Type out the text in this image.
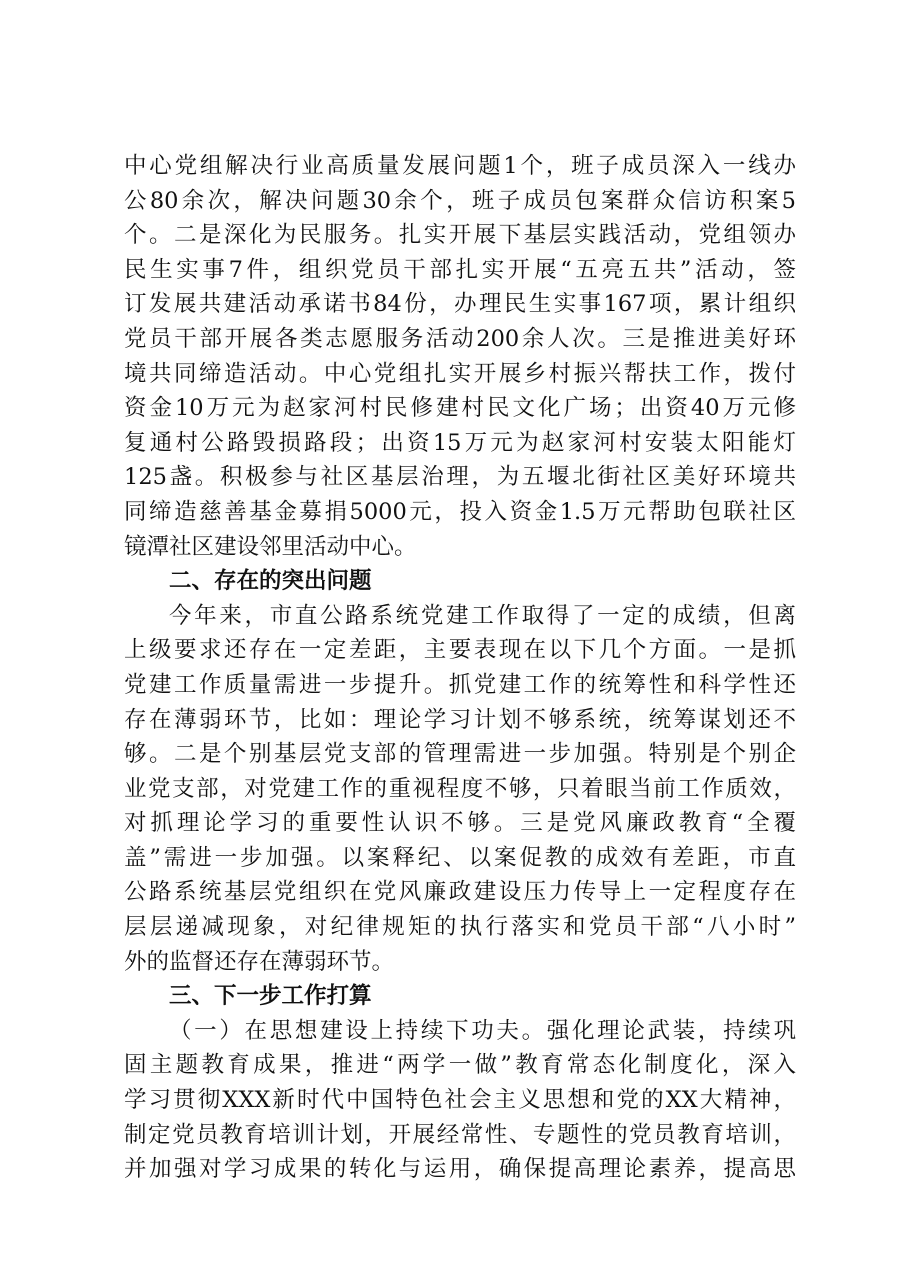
中心党组解决行业高质量发展问题1个，班子成员深入一线办
公80余次，解决问题30余个，班子成员包案群众信访积案5
个。二是深化为民服务。扎实开展下基层实践活动，党组领办
民生实事7件，组织党员干部扎实开展“五亮五共”活动，签
订发展共建活动承诺书84份，办理民生实事167项，累计组织
党员干部开展各类志愿服务活动200余人次。三是推进美好环
境共同缔造活动。中心党组扎实开展乡村振兴帮扶工作，拨付
资金10万元为赵家河村民修建村民文化广场；出资40万元修
复通村公路毁损路段；出资15万元为赵家河村安装太阳能灯
125盏。积极参与社区基层治理，为五堰北街社区美好环境共
同缔造慈善基金募捐5000元，投入资金1.5万元帮助包联社区
镜潭社区建设邻里活动中心。
二、存在的突出问题
今年来，市直公路系统党建工作取得了一定的成绩，但离
上级要求还存在一定差距，主要表现在以下几个方面。一是抓
党建工作质量需进一步提升。抓党建工作的统筹性和科学性还
存在薄弱环节，比如：理论学习计划不够系统，统筹谋划还不
够。二是个别基层党支部的管理需进一步加强。特别是个别企
业党支部，对党建工作的重视程度不够，只着眼当前工作质效，
对抓理论学习的重要性认识不够。三是党风廉政教育“全覆
盖”需进一步加强。以案释纪、以案促教的成效有差距，市直
公路系统基层党组织在党风廉政建设压力传导上一定程度存在
层层递减现象，对纪律规矩的执行落实和党员干部“八小时”
外的监督还存在薄弱环节。
三、下一步工作打算
（一）在思想建设上持续下功夫。强化理论武装，持续巩
固主题教育成果，推进“两学一做”教育常态化制度化，深入
学习贯彻XXX新时代中国特色社会主义思想和党的XX大精神，
制定党员教育培训计划，开展经常性、专题性的党员教育培训，
并加强对学习成果的转化与运用，确保提高理论素养，提高思
